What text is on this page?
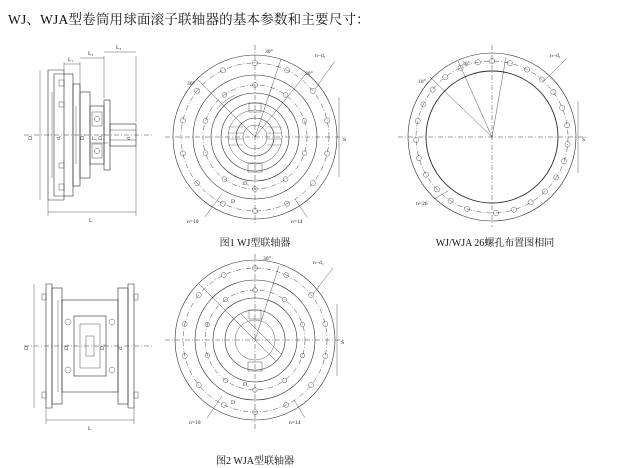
WJ、WJA型卷筒用球面滚子联轴器的基本参数和主要尺寸：
L₁
L₂
L₃
L₅
D	d₁	D₁ D₂	d
L
30°
30°
20°
n−d₁
S
D₁
D
n=10	n=14
10°
30°
n−d₁
S
n=26
图1 WJ型联轴器	WJ/WJA 26螺孔布置图相同
D	D₁	D₂ d
L
30°
n−d₁
S
D₁
D
n=10	n=14
图2 WJA型联轴器
